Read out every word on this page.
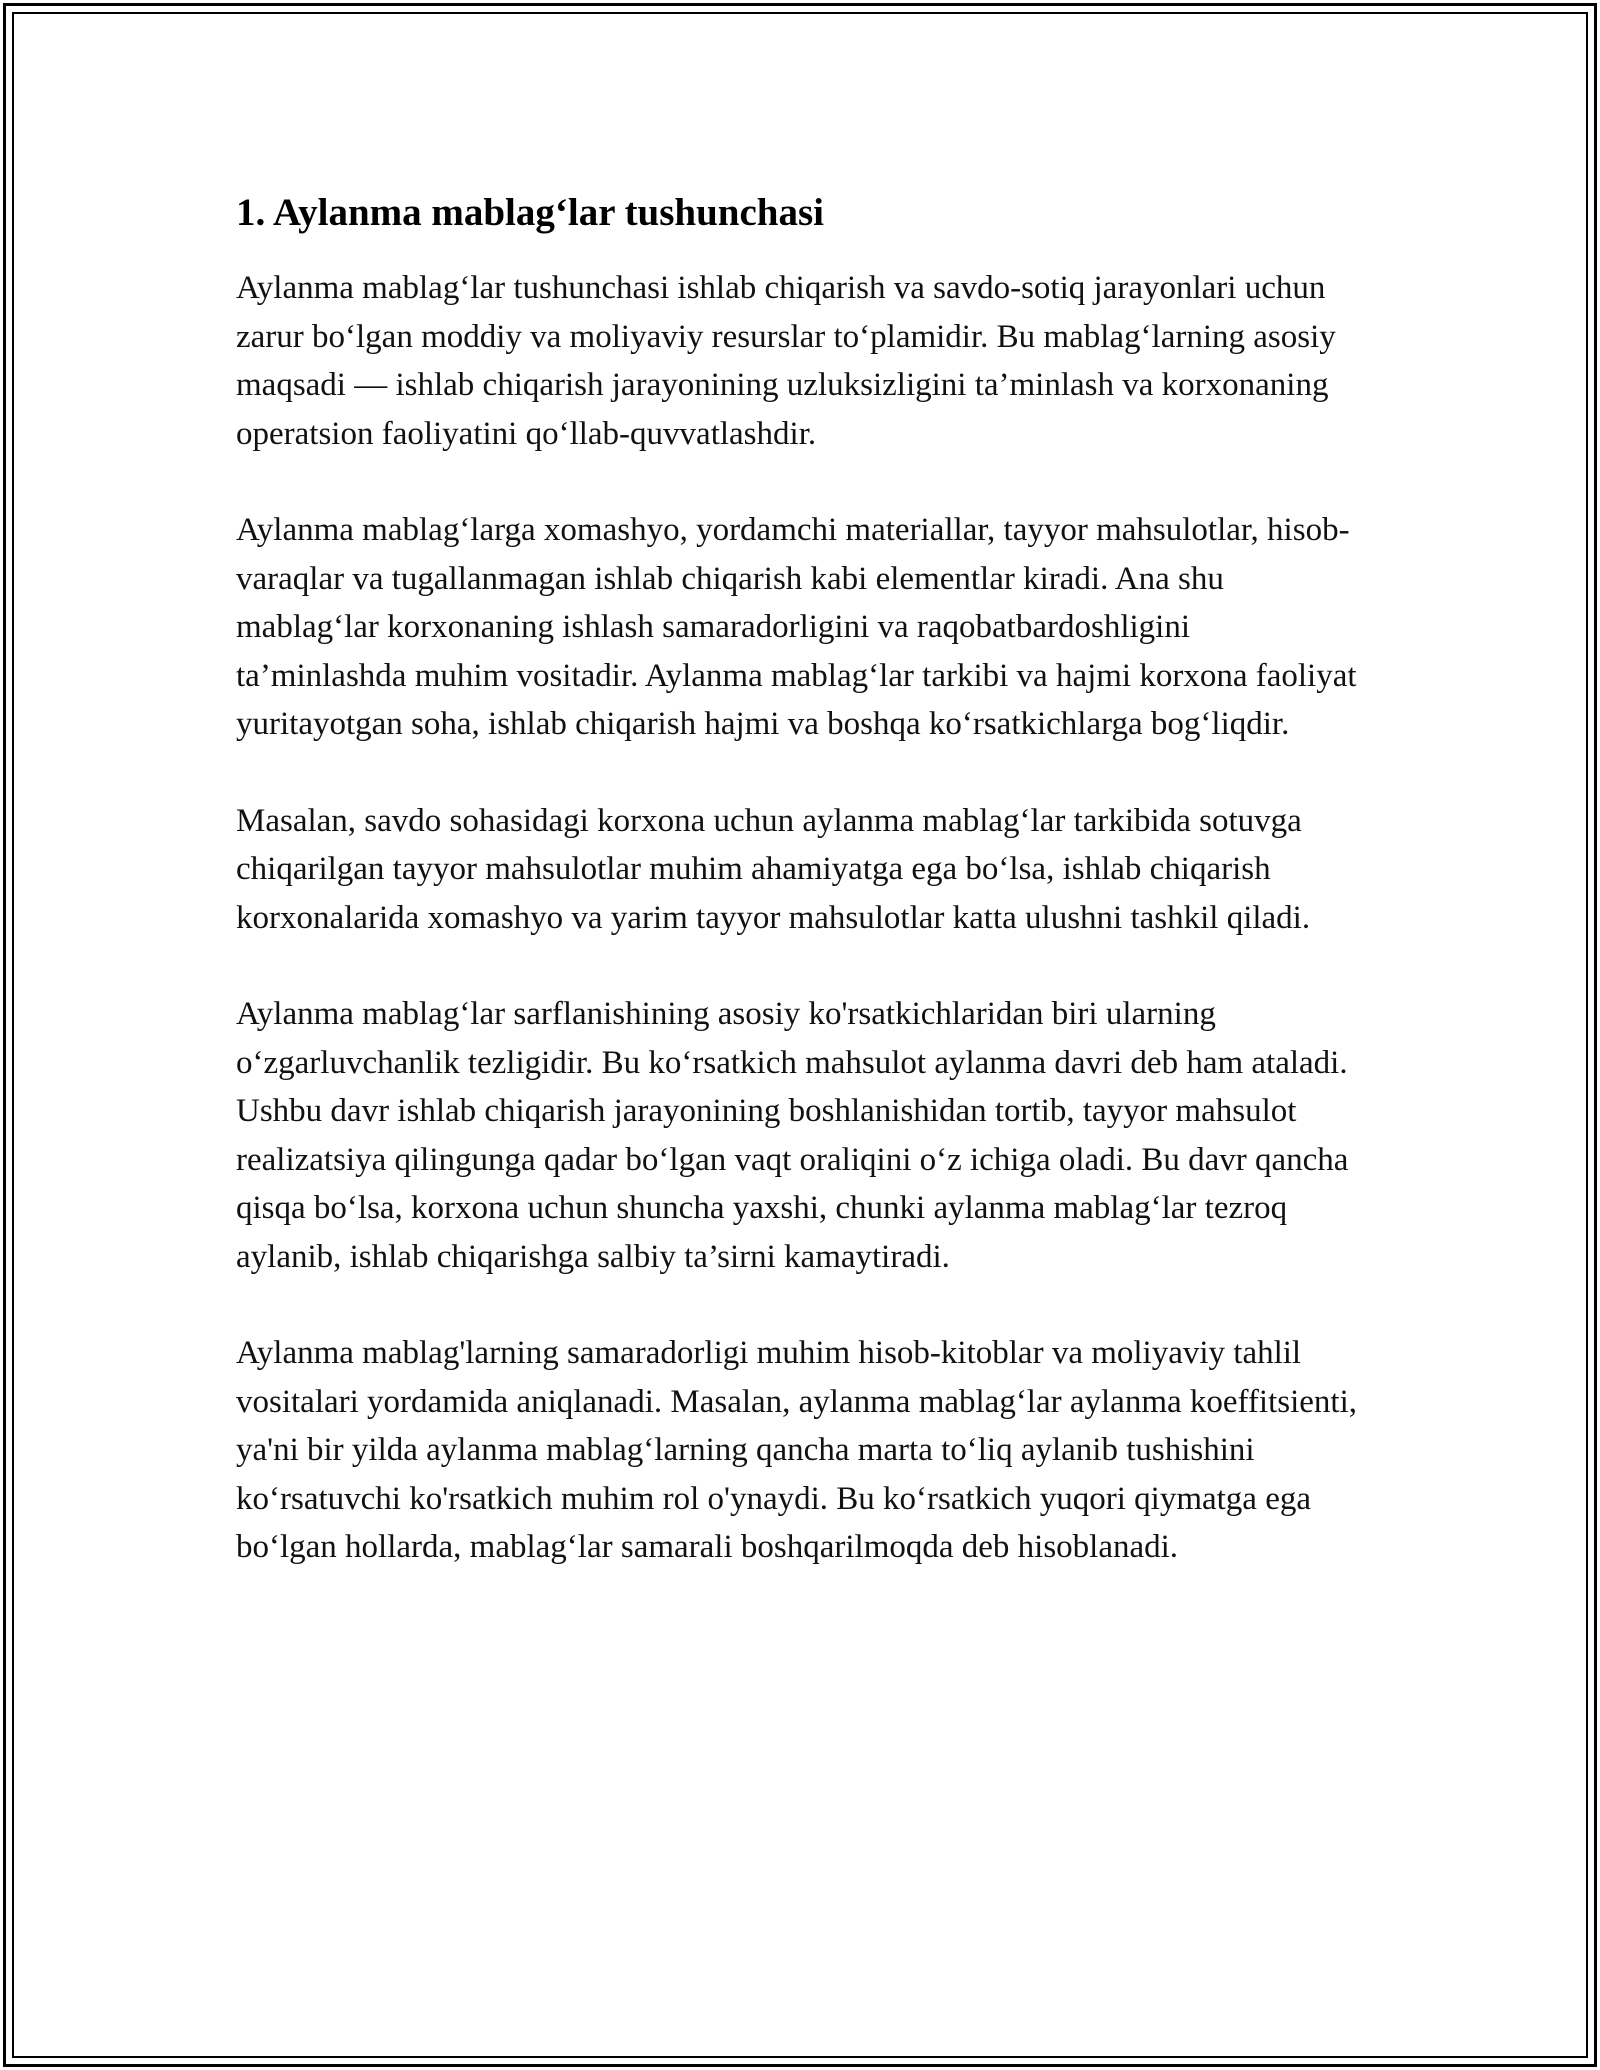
1. Aylanma mablag‘lar tushunchasi

Aylanma mablag‘lar tushunchasi ishlab chiqarish va savdo-sotiq jarayonlari uchun zarur bo‘lgan moddiy va moliyaviy resurslar to‘plamidir. Bu mablag‘larning asosiy maqsadi — ishlab chiqarish jarayonining uzluksizligini ta’minlash va korxonaning operatsion faoliyatini qo‘llab-quvvatlashdir.

Aylanma mablag‘larga xomashyo, yordamchi materiallar, tayyor mahsulotlar, hisob-varaqlar va tugallanmagan ishlab chiqarish kabi elementlar kiradi. Ana shu mablag‘lar korxonaning ishlash samaradorligini va raqobatbardoshligini ta’minlashda muhim vositadir. Aylanma mablag‘lar tarkibi va hajmi korxona faoliyat yuritayotgan soha, ishlab chiqarish hajmi va boshqa ko‘rsatkichlarga bog‘liqdir.

Masalan, savdo sohasidagi korxona uchun aylanma mablag‘lar tarkibida sotuvga chiqarilgan tayyor mahsulotlar muhim ahamiyatga ega bo‘lsa, ishlab chiqarish korxonalarida xomashyo va yarim tayyor mahsulotlar katta ulushni tashkil qiladi.

Aylanma mablag‘lar sarflanishining asosiy ko'rsatkichlaridan biri ularning o‘zgarluvchanlik tezligidir. Bu ko‘rsatkich mahsulot aylanma davri deb ham ataladi. Ushbu davr ishlab chiqarish jarayonining boshlanishidan tortib, tayyor mahsulot realizatsiya qilingunga qadar bo‘lgan vaqt oraliqini o‘z ichiga oladi. Bu davr qancha qisqa bo‘lsa, korxona uchun shuncha yaxshi, chunki aylanma mablag‘lar tezroq aylanib, ishlab chiqarishga salbiy ta’sirni kamaytiradi.

Aylanma mablag'larning samaradorligi muhim hisob-kitoblar va moliyaviy tahlil vositalari yordamida aniqlanadi. Masalan, aylanma mablag‘lar aylanma koeffitsienti, ya'ni bir yilda aylanma mablag‘larning qancha marta to‘liq aylanib tushishini ko‘rsatuvchi ko'rsatkich muhim rol o'ynaydi. Bu ko‘rsatkich yuqori qiymatga ega bo‘lgan hollarda, mablag‘lar samarali boshqarilmoqda deb hisoblanadi.
